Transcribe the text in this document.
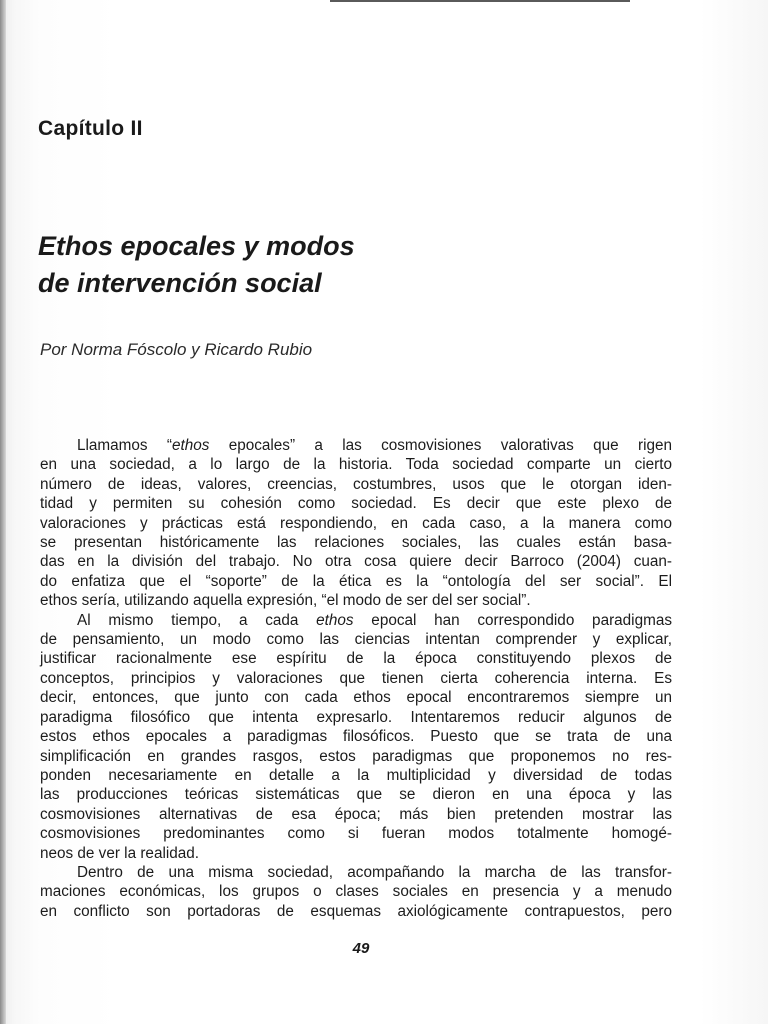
Capítulo II
Ethos epocales y modos
de intervención social

Por Norma Fóscolo y Ricardo Rubio

Llamamos “ethos epocales” a las cosmovisiones valorativas que rigen
en una sociedad, a lo largo de la historia. Toda sociedad comparte un cierto
número de ideas, valores, creencias, costumbres, usos que le otorgan iden-
tidad y permiten su cohesión como sociedad. Es decir que este plexo de
valoraciones y prácticas está respondiendo, en cada caso, a la manera como
se presentan históricamente las relaciones sociales, las cuales están basa-
das en la división del trabajo. No otra cosa quiere decir Barroco (2004) cuan-
do enfatiza que el “soporte” de la ética es la “ontología del ser social”. El
ethos sería, utilizando aquella expresión, “el modo de ser del ser social”.
Al mismo tiempo, a cada ethos epocal han correspondido paradigmas
de pensamiento, un modo como las ciencias intentan comprender y explicar,
justificar racionalmente ese espíritu de la época constituyendo plexos de
conceptos, principios y valoraciones que tienen cierta coherencia interna. Es
decir, entonces, que junto con cada ethos epocal encontraremos siempre un
paradigma filosófico que intenta expresarlo. Intentaremos reducir algunos de
estos ethos epocales a paradigmas filosóficos. Puesto que se trata de una
simplificación en grandes rasgos, estos paradigmas que proponemos no res-
ponden necesariamente en detalle a la multiplicidad y diversidad de todas
las producciones teóricas sistemáticas que se dieron en una época y las
cosmovisiones alternativas de esa época; más bien pretenden mostrar las
cosmovisiones predominantes como si fueran modos totalmente homogé-
neos de ver la realidad.
Dentro de una misma sociedad, acompañando la marcha de las transfor-
maciones económicas, los grupos o clases sociales en presencia y a menudo
en conflicto son portadoras de esquemas axiológicamente contrapuestos, pero

49
